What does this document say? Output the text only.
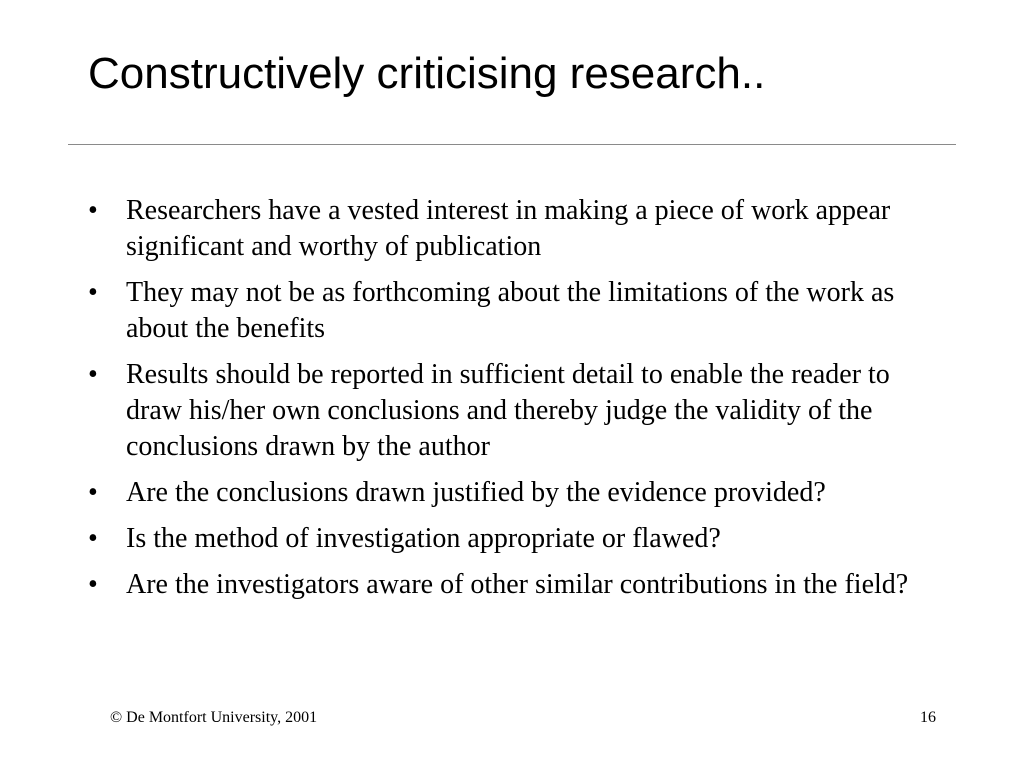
Constructively criticising research..
•	Researchers have a vested interest in making a piece of work appear significant and worthy of publication
•	They may not be as forthcoming about the limitations of the work as about the benefits
•	Results should be reported in sufficient detail to enable the reader to draw his/her own conclusions and thereby judge the validity of the conclusions drawn by the author
•	Are the conclusions drawn justified by the evidence provided?
•	Is the method of investigation appropriate or flawed?
•	Are the investigators aware of other similar contributions in the field?
© De Montfort University, 2001	16
